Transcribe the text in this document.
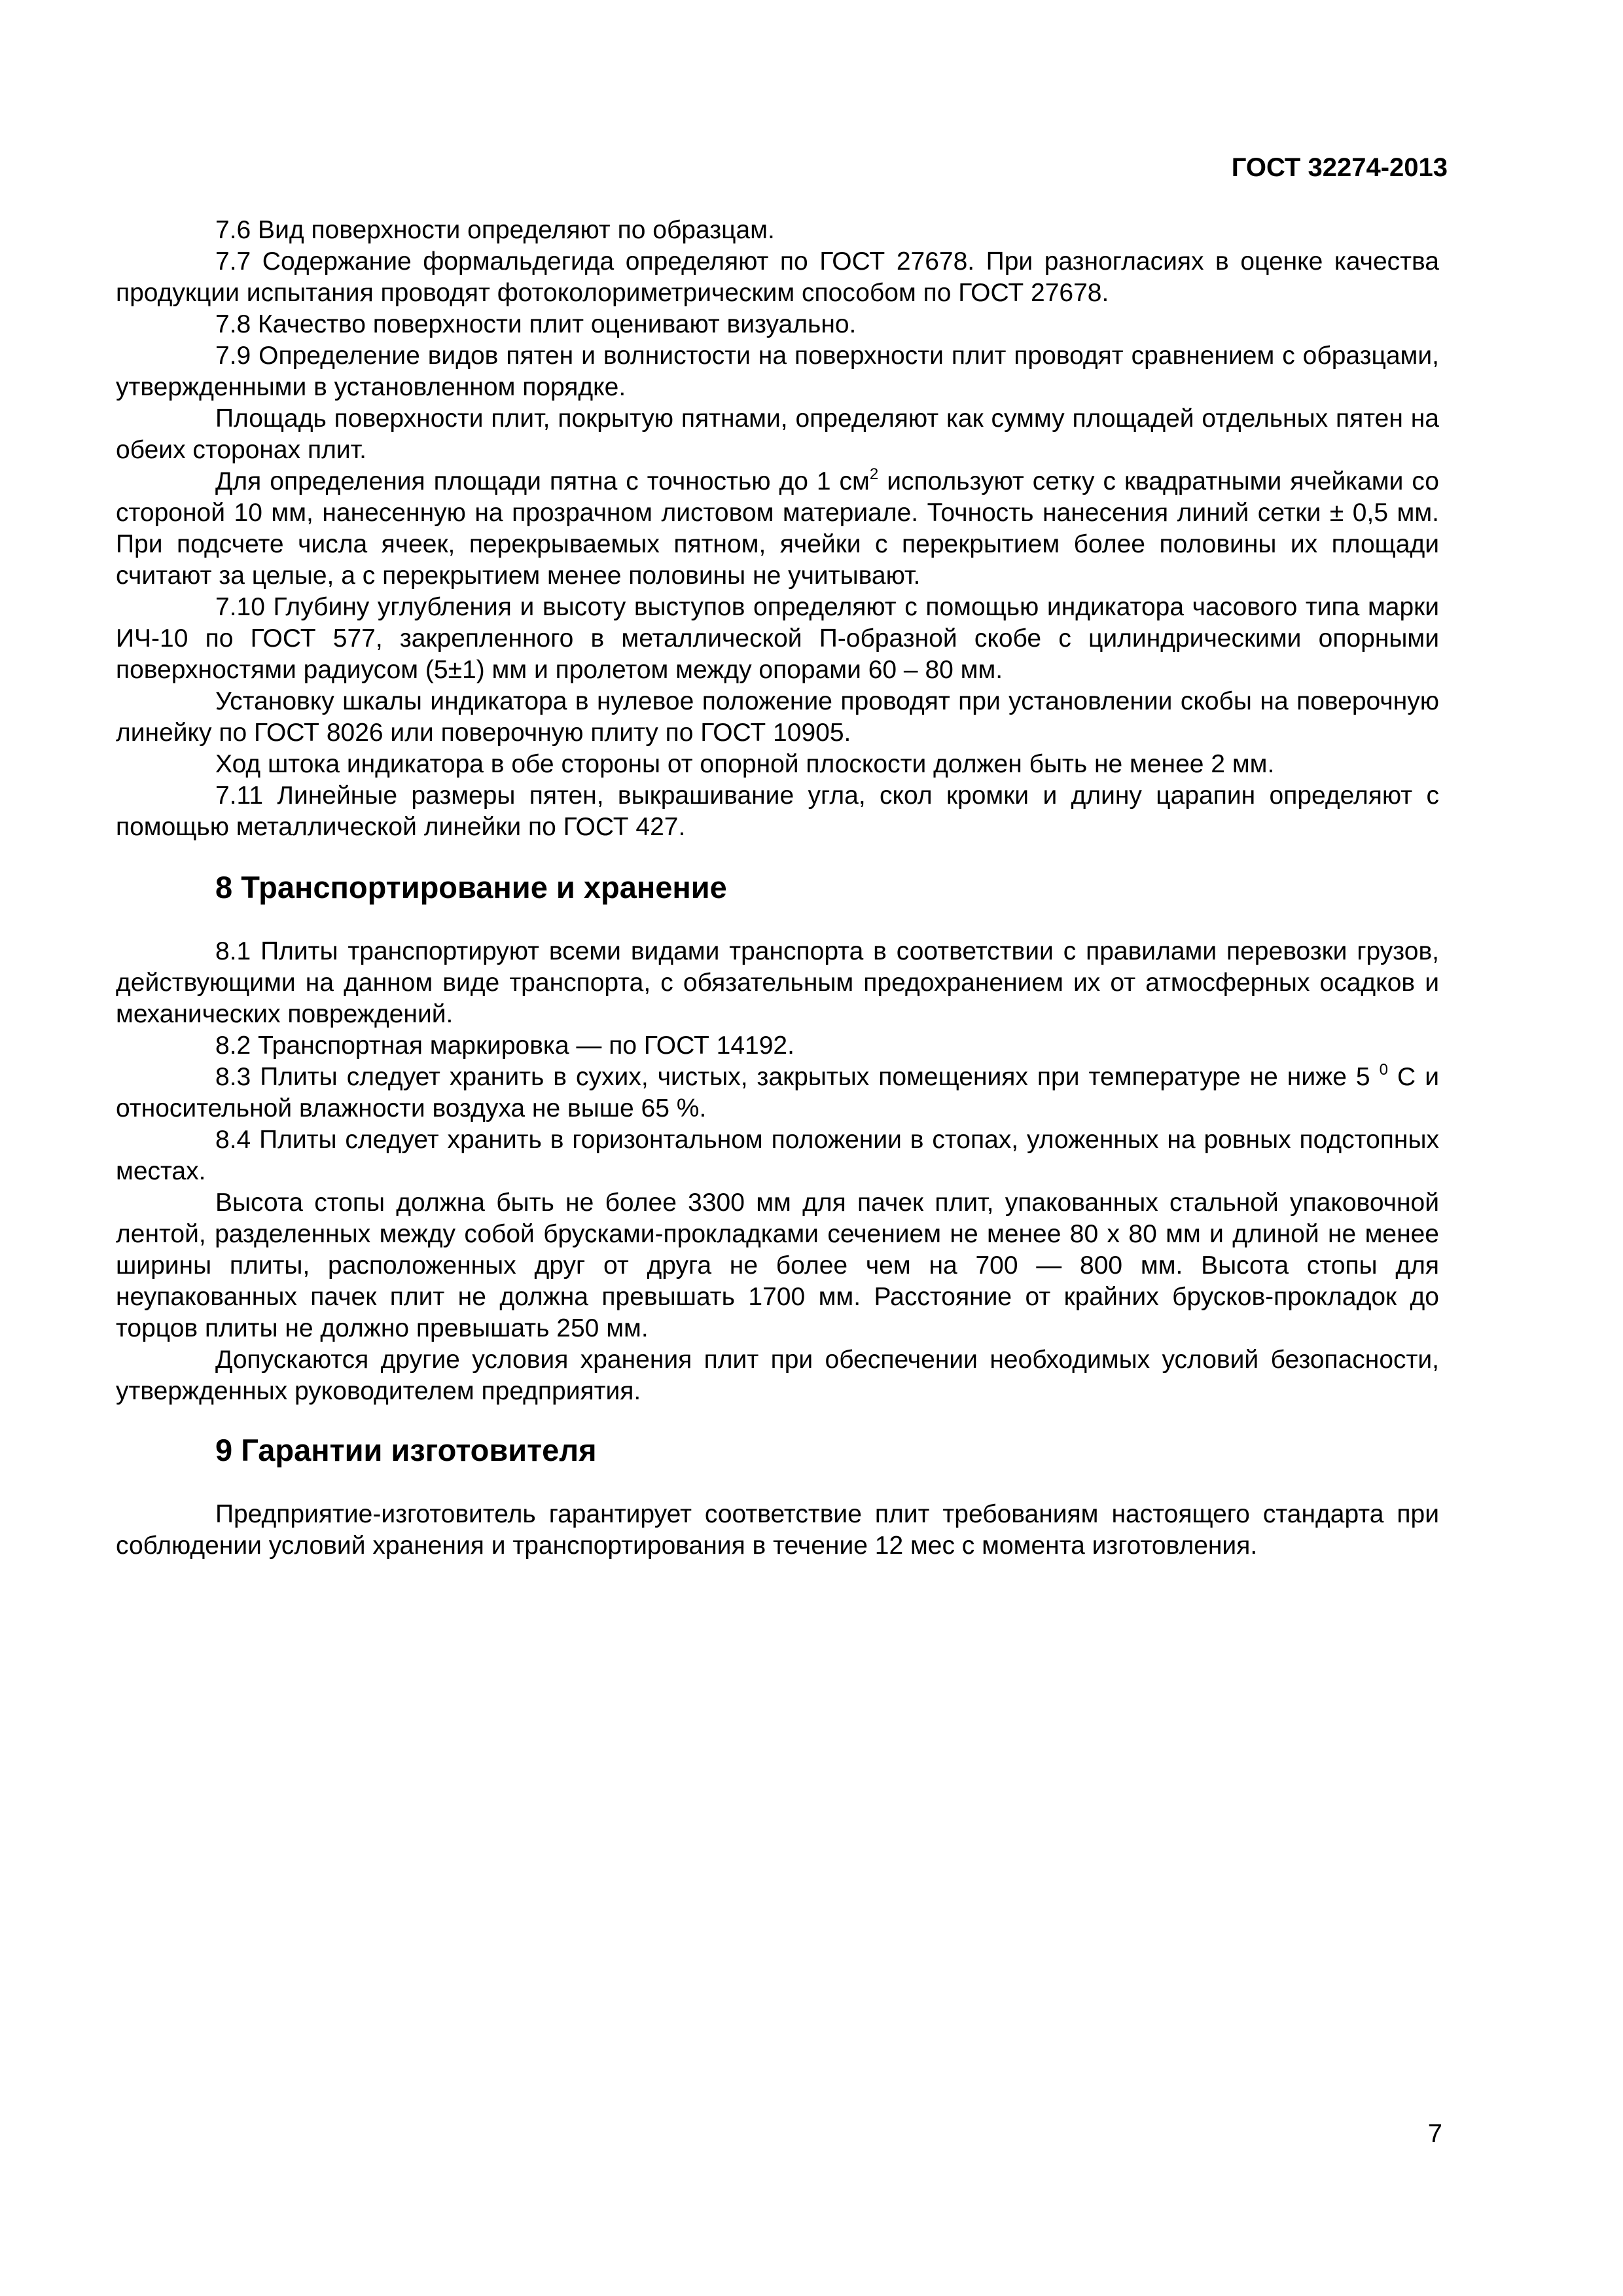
ГОСТ 32274-2013

7.6 Вид поверхности определяют по образцам.

7.7 Содержание формальдегида определяют по ГОСТ 27678. При разногласиях в оценке качества продукции испытания проводят фотоколориметрическим способом по ГОСТ 27678.

7.8 Качество поверхности плит оценивают визуально.

7.9 Определение видов пятен и волнистости на поверхности плит проводят сравнением с образцами, утвержденными в установленном порядке.

Площадь поверхности плит, покрытую пятнами, определяют как сумму площадей отдельных пятен на обеих сторонах плит.

Для определения площади пятна с точностью до 1 $см^2$ используют сетку с квадратными ячейками со стороной 10 мм, нанесенную на прозрачном листовом материале. Точность нанесения линий сетки ± 0,5 мм. При подсчете числа ячеек, перекрываемых пятном, ячейки с перекрытием более половины их площади считают за целые, а с перекрытием менее половины не учитывают.

7.10 Глубину углубления и высоту выступов определяют с помощью индикатора часового типа марки ИЧ-10 по ГОСТ 577, закрепленного в металлической П-образной скобе с цилиндрическими опорными поверхностями радиусом (5±1) мм и пролетом между опорами 60 – 80 мм.

Установку шкалы индикатора в нулевое положение проводят при установлении скобы на поверочную линейку по ГОСТ 8026 или поверочную плиту по ГОСТ 10905.

Ход штока индикатора в обе стороны от опорной плоскости должен быть не менее 2 мм.

7.11 Линейные размеры пятен, выкрашивание угла, скол кромки и длину царапин определяют с помощью металлической линейки по ГОСТ 427.

8 Транспортирование и хранение

8.1 Плиты транспортируют всеми видами транспорта в соответствии с правилами перевозки грузов, действующими на данном виде транспорта, с обязательным предохранением их от атмосферных осадков и механических повреждений.

8.2 Транспортная маркировка — по ГОСТ 14192.

8.3 Плиты следует хранить в сухих, чистых, закрытых помещениях при температуре не ниже 5 $^0$ С и относительной влажности воздуха не выше 65 %.

8.4 Плиты следует хранить в горизонтальном положении в стопах, уложенных на ровных подстопных местах.

Высота стопы должна быть не более 3300 мм для пачек плит, упакованных стальной упаковочной лентой, разделенных между собой брусками-прокладками сечением не менее 80 х 80 мм и длиной не менее ширины плиты, расположенных друг от друга не более чем на 700 — 800 мм. Высота стопы для неупакованных пачек плит не должна превышать 1700 мм. Расстояние от крайних брусков-прокладок до торцов плиты не должно превышать 250 мм.

Допускаются другие условия хранения плит при обеспечении необходимых условий безопасности, утвержденных руководителем предприятия.

9 Гарантии изготовителя

Предприятие-изготовитель гарантирует соответствие плит требованиям настоящего стандарта при соблюдении условий хранения и транспортирования в течение 12 мес с момента изготовления.

7
